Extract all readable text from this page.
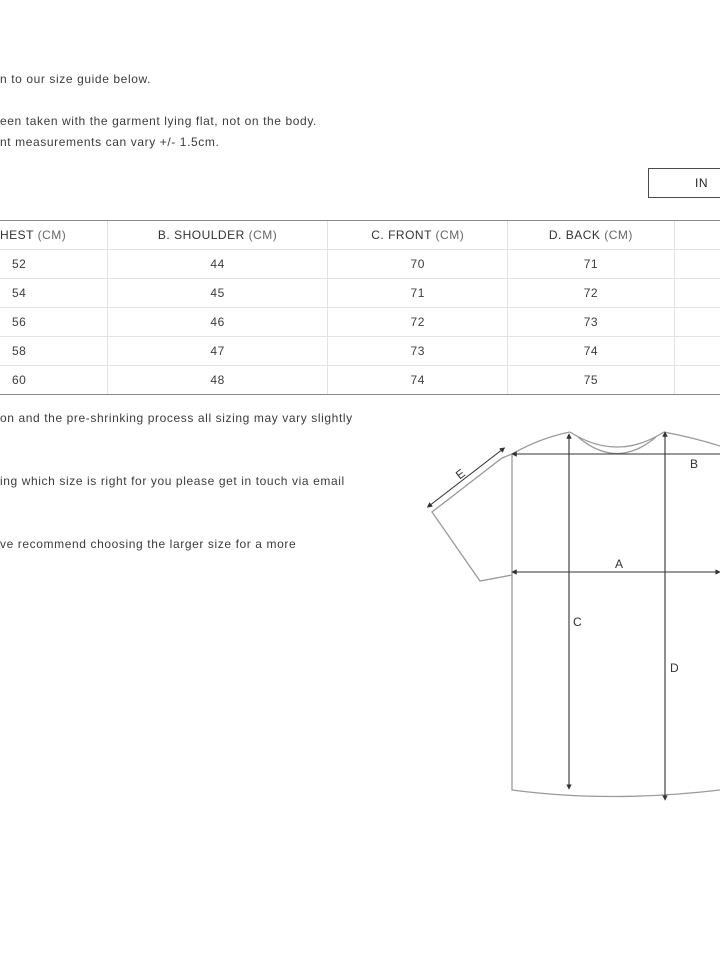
n to our size guide below.

een taken with the garment lying flat, not on the body.

nt measurements can vary +/- 1.5cm.

IN
HEST (CM)	B. SHOULDER (CM)	C. FRONT (CM)	D. BACK (CM)	
52	44	70	71	
54	45	71	72	
56	46	72	73	
58	47	73	74	
60	48	74	75	

on and the pre-shrinking process all sizing may vary slightly

ing which size is right for you please get in touch via email

ve recommend choosing the larger size for a more

B
A
C
D
E
